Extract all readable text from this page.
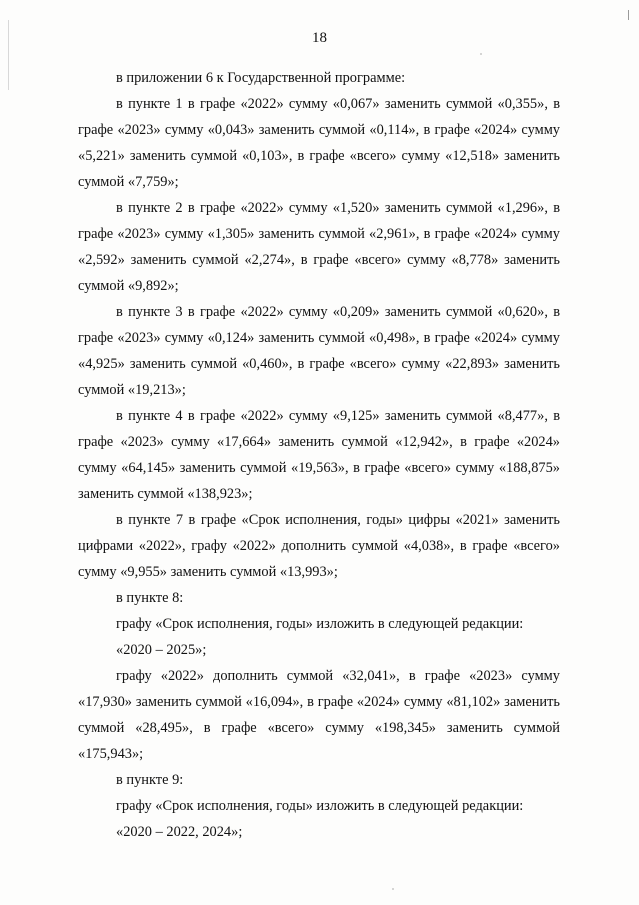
18

в приложении 6 к Государственной программе:

в пункте 1 в графе «2022» сумму «0,067» заменить суммой «0,355», в графе «2023» сумму «0,043» заменить суммой «0,114», в графе «2024» сумму «5,221» заменить суммой «0,103», в графе «всего» сумму «12,518» заменить суммой «7,759»;

в пункте 2 в графе «2022» сумму «1,520» заменить суммой «1,296», в графе «2023» сумму «1,305» заменить суммой «2,961», в графе «2024» сумму «2,592» заменить суммой «2,274», в графе «всего» сумму «8,778» заменить суммой «9,892»;

в пункте 3 в графе «2022» сумму «0,209» заменить суммой «0,620», в графе «2023» сумму «0,124» заменить суммой «0,498», в графе «2024» сумму «4,925» заменить суммой «0,460», в графе «всего» сумму «22,893» заменить суммой «19,213»;

в пункте 4 в графе «2022» сумму «9,125» заменить суммой «8,477», в графе «2023» сумму «17,664» заменить суммой «12,942», в графе «2024» сумму «64,145» заменить суммой «19,563», в графе «всего» сумму «188,875» заменить суммой «138,923»;

в пункте 7 в графе «Срок исполнения, годы» цифры «2021» заменить цифрами «2022», графу «2022» дополнить суммой «4,038», в графе «всего» сумму «9,955» заменить суммой «13,993»;

в пункте 8:

графу «Срок исполнения, годы» изложить в следующей редакции:

«2020 – 2025»;

графу «2022» дополнить суммой «32,041», в графе «2023» сумму «17,930» заменить суммой «16,094», в графе «2024» сумму «81,102» заменить суммой «28,495», в графе «всего» сумму «198,345» заменить суммой «175,943»;

в пункте 9:

графу «Срок исполнения, годы» изложить в следующей редакции:

«2020 – 2022, 2024»;
